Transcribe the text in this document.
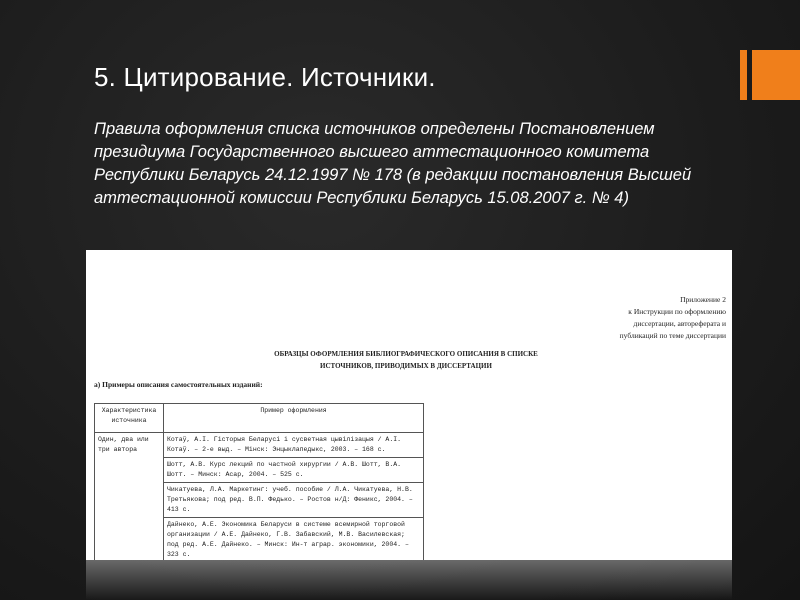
5. Цитирование. Источники.
Правила оформления списка источников определены Постановлением президиума Государственного высшего аттестационного комитета Республики Беларусь 24.12.1997 № 178 (в редакции постановления Высшей аттестационной комиссии Республики Беларусь 15.08.2007 г. № 4)
Приложение 2
к Инструкции по оформлению
диссертации, автореферата и
публикаций по теме диссертации
ОБРАЗЦЫ ОФОРМЛЕНИЯ БИБЛИОГРАФИЧЕСКОГО ОПИСАНИЯ В СПИСКЕ
ИСТОЧНИКОВ, ПРИВОДИМЫХ В ДИССЕРТАЦИИ
а) Примеры описания самостоятельных изданий:
Характеристика источника	Пример оформления
Один, два или три автора	Котаў, А.І. Гісторыя Беларусі і сусветная цывілізацыя / А.І. Котаў. – 2-е выд. – Мінск: Энцыклапедыкс, 2003. – 168 с.
	Шотт, А.В. Курс лекций по частной хирургии / А.В. Шотт, В.А. Шотт. – Минск: Асар, 2004. – 525 с.
	Чикатуева, Л.А. Маркетинг: учеб. пособие / Л.А. Чикатуева, Н.В. Третьякова; под ред. В.П. Федько. – Ростов н/Д: Феникс, 2004. – 413 с.
	Дайнеко, А.Е. Экономика Беларуси в системе всемирной торговой организации / А.Е. Дайнеко, Г.В. Забавский, М.В. Василевская; под ред. А.Е. Дайнеко. – Минск: Ин-т аграр. экономики, 2004. – 323 с.
